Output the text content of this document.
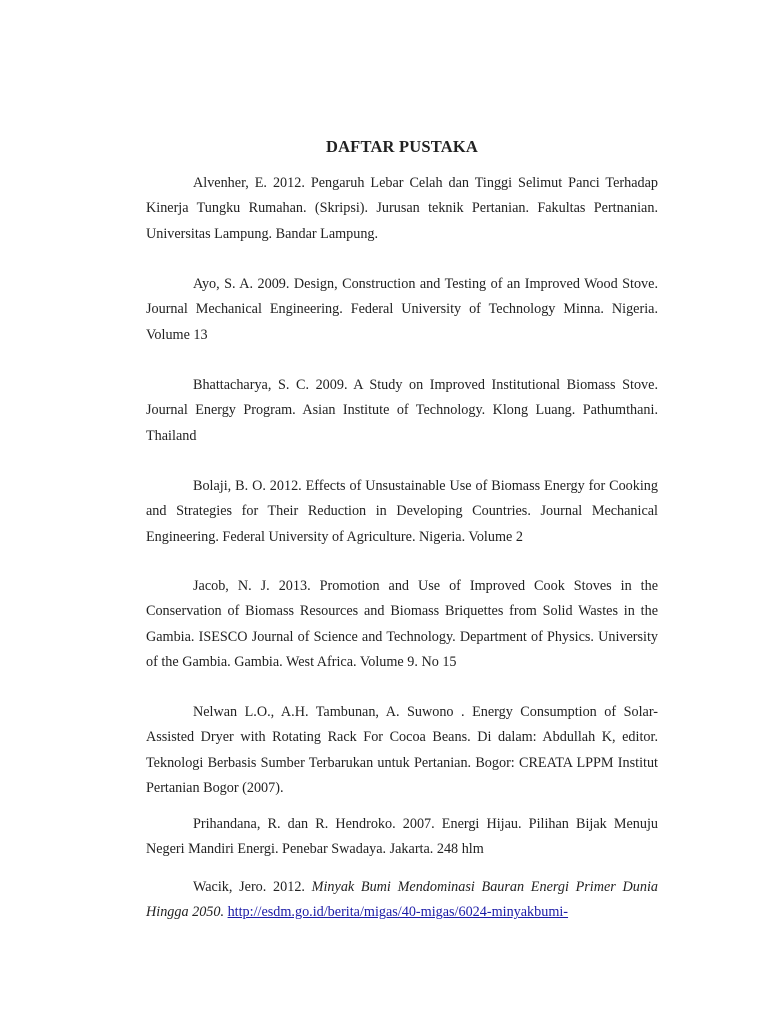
DAFTAR PUSTAKA

Alvenher, E. 2012. Pengaruh Lebar Celah dan Tinggi Selimut Panci Terhadap Kinerja Tungku Rumahan. (Skripsi). Jurusan teknik Pertanian. Fakultas Pertnanian. Universitas Lampung. Bandar Lampung.

Ayo, S. A. 2009. Design, Construction and Testing of an Improved Wood Stove. Journal Mechanical Engineering. Federal University of Technology Minna. Nigeria. Volume 13

Bhattacharya, S. C. 2009. A Study on Improved Institutional Biomass Stove. Journal Energy Program. Asian Institute of Technology. Klong Luang. Pathumthani. Thailand

Bolaji, B. O. 2012. Effects of Unsustainable Use of Biomass Energy for Cooking and Strategies for Their Reduction in Developing Countries. Journal Mechanical Engineering. Federal University of Agriculture. Nigeria. Volume 2

Jacob, N. J. 2013. Promotion and Use of Improved Cook Stoves in the Conservation of Biomass Resources and Biomass Briquettes from Solid Wastes in the Gambia. ISESCO Journal of Science and Technology. Department of Physics. University of the Gambia. Gambia. West Africa. Volume 9. No 15

Nelwan L.O., A.H. Tambunan, A. Suwono . Energy Consumption of Solar-Assisted Dryer with Rotating Rack For Cocoa Beans. Di dalam: Abdullah K, editor. Teknologi Berbasis Sumber Terbarukan untuk Pertanian. Bogor: CREATA LPPM Institut Pertanian Bogor (2007).

Prihandana, R. dan R. Hendroko. 2007. Energi Hijau. Pilihan Bijak Menuju Negeri Mandiri Energi. Penebar Swadaya. Jakarta. 248 hlm

Wacik, Jero. 2012. Minyak Bumi Mendominasi Bauran Energi Primer Dunia Hingga 2050. http://esdm.go.id/berita/migas/40-migas/6024-minyakbumi-
